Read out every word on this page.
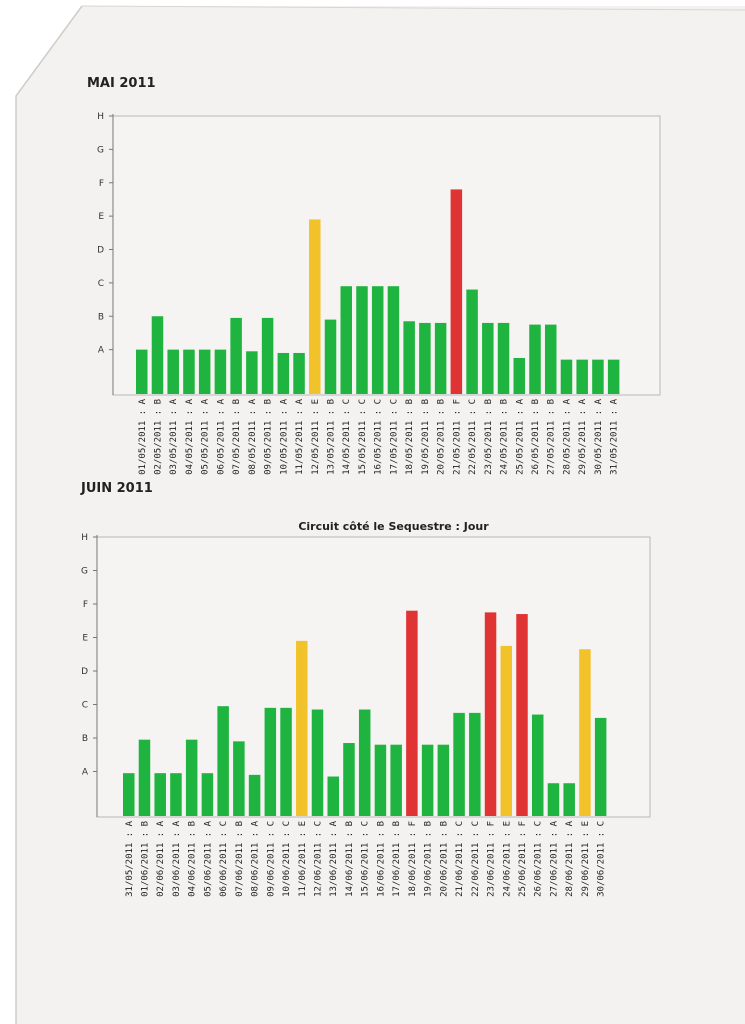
MAI 2011
A
B
C
D
E
F
G
H
01/05/2011 : A 02/05/2011 : B 03/05/2011 : A 04/05/2011 : A 05/05/2011 : A 06/05/2011 : A 07/05/2011 : B 08/05/2011 : A 09/05/2011 : B 10/05/2011 : A 11/05/2011 : A 12/05/2011 : E 13/05/2011 : B 14/05/2011 : C 15/05/2011 : C 16/05/2011 : C 17/05/2011 : C 18/05/2011 : B 19/05/2011 : B 20/05/2011 : B 21/05/2011 : F 22/05/2011 : C 23/05/2011 : B 24/05/2011 : B 25/05/2011 : A 26/05/2011 : B 27/05/2011 : B 28/05/2011 : A 29/05/2011 : A 30/05/2011 : A 31/05/2011 : A
JUIN 2011
Circuit côté le Sequestre : Jour
A
B
C
D
E
F
G
H
31/05/2011 : A 01/06/2011 : B 02/06/2011 : A 03/06/2011 : A 04/06/2011 : B 05/06/2011 : A 06/06/2011 : C 07/06/2011 : B 08/06/2011 : A 09/06/2011 : C 10/06/2011 : C 11/06/2011 : E 12/06/2011 : C 13/06/2011 : A 14/06/2011 : B 15/06/2011 : C 16/06/2011 : B 17/06/2011 : B 18/06/2011 : F 19/06/2011 : B 20/06/2011 : B 21/06/2011 : C 22/06/2011 : C 23/06/2011 : F 24/06/2011 : E 25/06/2011 : F 26/06/2011 : C 27/06/2011 : A 28/06/2011 : A 29/06/2011 : E 30/06/2011 : C
